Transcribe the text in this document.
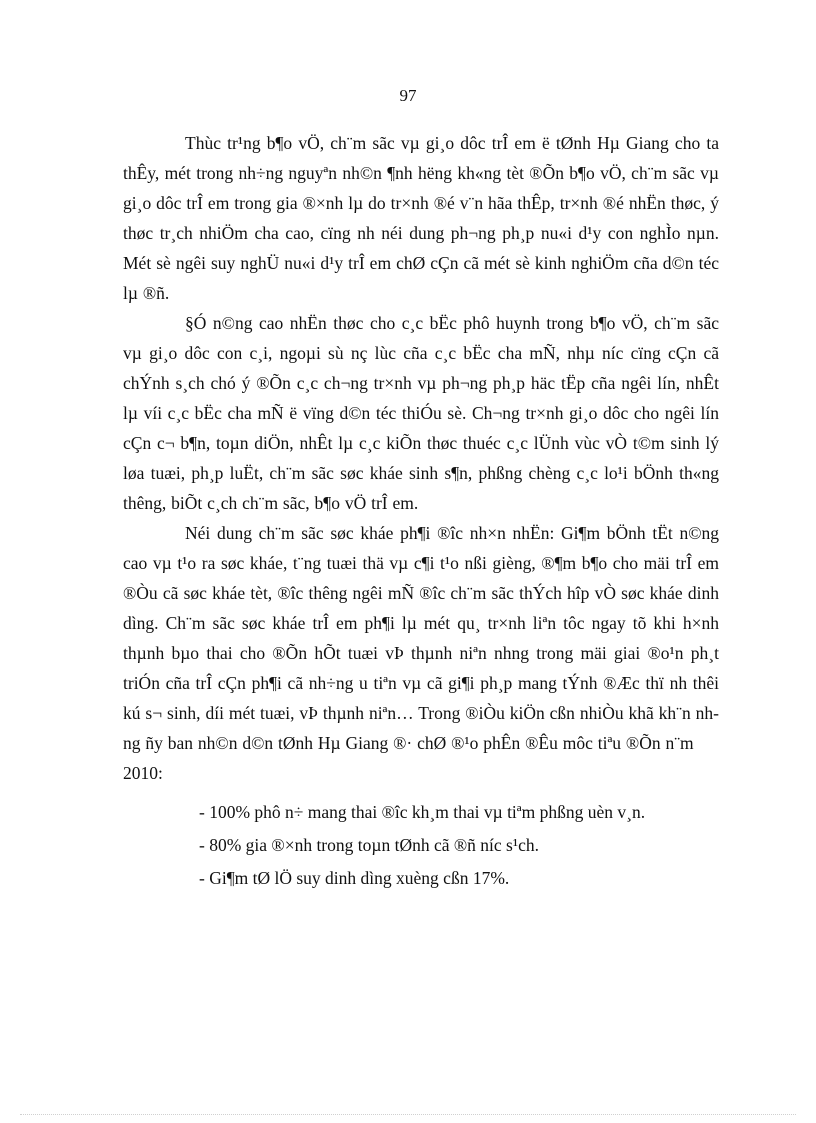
97

Thùc tr¹ng b¶o vÖ, ch¨m sãc vµ gi¸o dôc trÎ em ë tØnh Hµ Giang cho ta thÊy, mét trong nh÷ng nguyªn nh©n ¶nh hëng kh«ng tèt ®Õn b¶o vÖ, ch¨m sãc vµ gi¸o dôc trÎ em trong gia ®×nh lµ do tr×nh ®é v¨n hãa thÊp, tr×nh ®é nhËn thøc, ý thøc tr¸ch nhiÖm cha cao, cïng nh néi dung ph¬ng ph¸p nu«i d¹y con nghÌo nµn. Mét sè ngêi suy nghÜ nu«i d¹y trÎ em chØ cÇn cã mét sè kinh nghiÖm cña d©n téc lµ ®ñ.

§Ó n©ng cao nhËn thøc cho c¸c bËc phô huynh trong b¶o vÖ, ch¨m sãc vµ gi¸o dôc con c¸i, ngoµi sù nç lùc cña c¸c bËc cha mÑ, nhµ níc cïng cÇn cã chÝnh s¸ch chó ý ®Õn c¸c ch¬ng tr×nh vµ ph¬ng ph¸p häc tËp cña ngêi lín, nhÊt lµ víi c¸c bËc cha mÑ ë vïng d©n téc thiÓu sè. Ch¬ng tr×nh gi¸o dôc cho ngêi lín cÇn c¬ b¶n, toµn diÖn, nhÊt lµ c¸c kiÕn thøc thuéc c¸c lÜnh vùc vÒ t©m sinh lý løa tuæi, ph¸p luËt, ch¨m sãc søc kháe sinh s¶n, phßng chèng c¸c lo¹i bÖnh th«ng thêng, biÕt c¸ch ch¨m sãc, b¶o vÖ trÎ em.

Néi dung ch¨m sãc søc kháe ph¶i ®îc nh×n nhËn: Gi¶m bÖnh tËt n©ng cao vµ t¹o ra søc kháe, t¨ng tuæi thä vµ c¶i t¹o nßi gièng, ®¶m b¶o cho mäi trÎ em ®Òu cã søc kháe tèt, ®îc thêng ngêi mÑ ®îc ch¨m sãc thÝch hîp vÒ søc kháe dinh dìng. Ch¨m sãc søc kháe trÎ em ph¶i lµ mét qu¸ tr×nh liªn tôc ngay tõ khi h×nh thµnh bµo thai cho ®Õn hÕt tuæi vÞ thµnh niªn nhng trong mäi giai ®o¹n ph¸t triÓn cña trÎ cÇn ph¶i cã nh÷ng u tiªn vµ cã gi¶i ph¸p mang tÝnh ®Æc thï nh thêi kú s¬ sinh, díi mét tuæi, vÞ thµnh niªn… Trong ®iÒu kiÖn cßn nhiÒu khã kh¨n nhng ñy ban nh©n d©n tØnh Hµ Giang ®· chØ ®¹o phÊn ®Êu môc tiªu ®Õn n¨m
2010:

- 100% phô n÷ mang thai ®îc kh¸m thai vµ tiªm phßng uèn v¸n.
- 80% gia ®×nh trong toµn tØnh cã ®ñ níc s¹ch.
- Gi¶m tØ lÖ suy dinh dìng xuèng cßn 17%.
